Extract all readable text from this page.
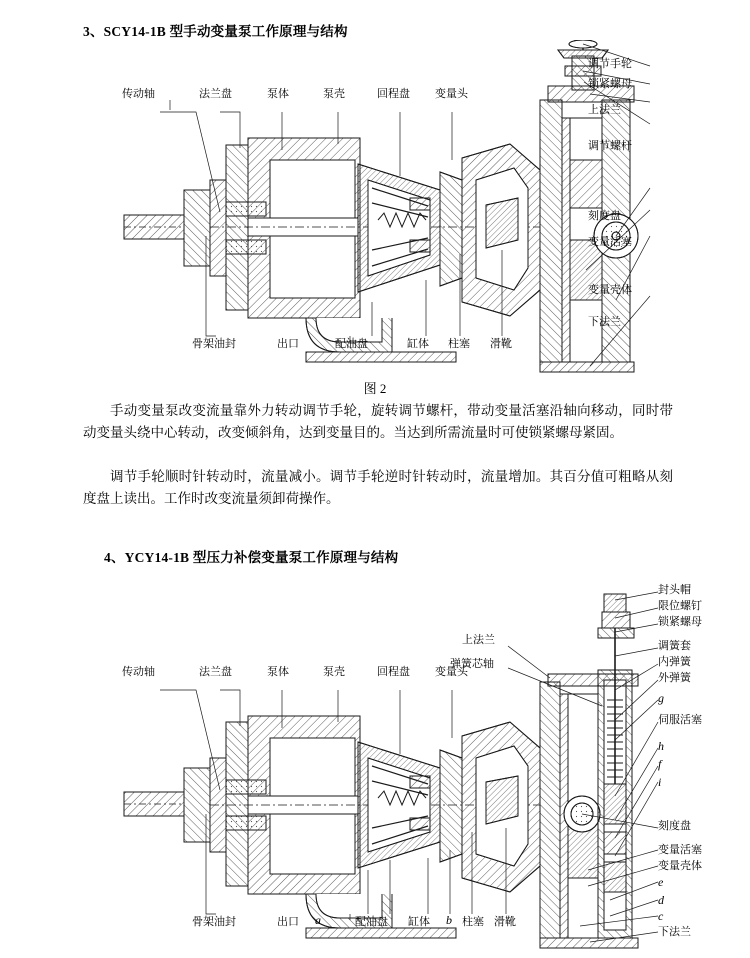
3、SCY14-1B 型手动变量泵工作原理与结构
传动轴	法兰盘	泵体	泵壳	回程盘 变量头
调节手轮
锁紧螺母
上法兰
调节螺杆
刻度盘
变量活塞
变量壳体
下法兰
骨架油封	出口	配油盘	缸体 柱塞 滑靴
图 2
手动变量泵改变流量靠外力转动调节手轮，旋转调节螺杆，带动变量活塞沿轴向移动，同时带动变量头绕中心转动，改变倾斜角，达到变量目的。当达到所需流量时可使锁紧螺母紧固。
调节手轮顺时针转动时，流量减小。调节手轮逆时针转动时，流量增加。其百分值可粗略从刻度盘上读出。工作时改变流量须卸荷操作。
4、YCY14-1B 型压力补偿变量泵工作原理与结构
传动轴	法兰盘	泵体	泵壳	回程盘 变量头
上法兰
弹簧芯轴
封头帽
限位螺钉
锁紧螺母
调簧套
内弹簧
外弹簧
g
伺服活塞
h
f
i
刻度盘
变量活塞
变量壳体
e
d
c
下法兰
骨架油封	出口 a	配油盘 缸体 b 柱塞 滑靴
